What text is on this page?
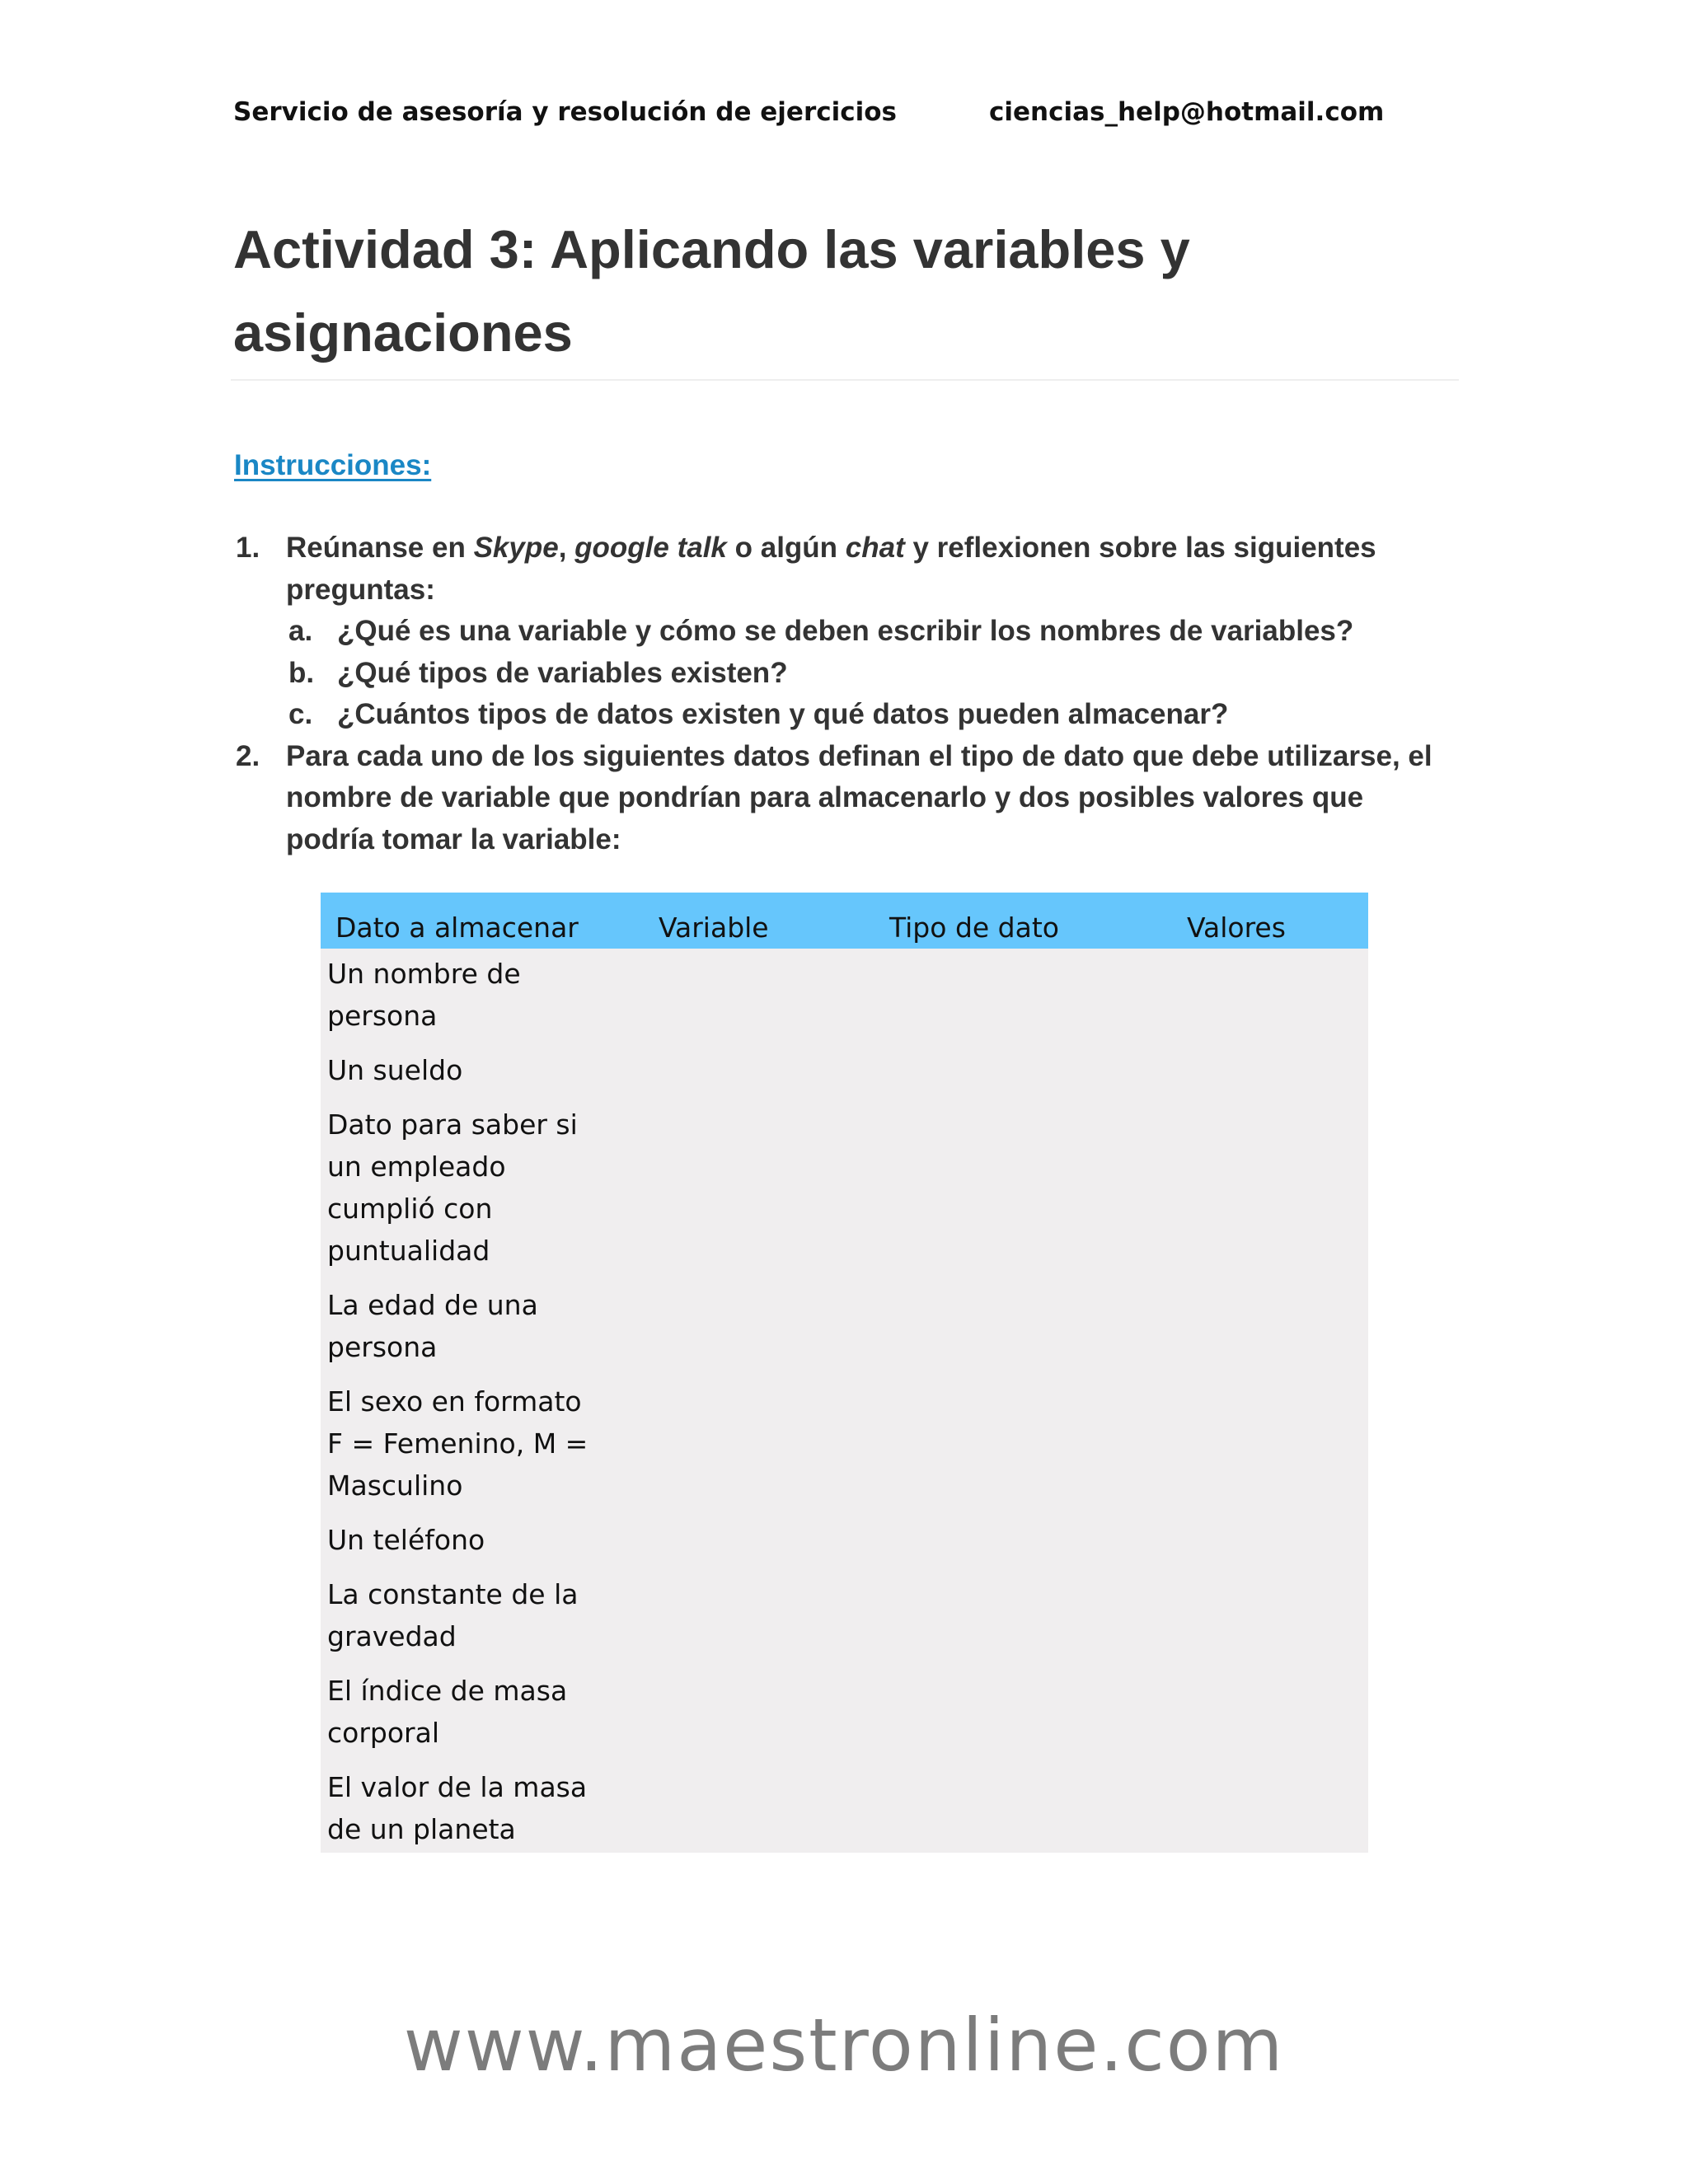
Servicio de asesoría y resolución de ejercicios	ciencias_help@hotmail.com
Actividad 3: Aplicando las variables y asignaciones
Instrucciones:
1. Reúnanse en Skype, google talk o algún chat y reflexionen sobre las siguientes preguntas:
a. ¿Qué es una variable y cómo se deben escribir los nombres de variables?
b. ¿Qué tipos de variables existen?
c. ¿Cuántos tipos de datos existen y qué datos pueden almacenar?
2. Para cada uno de los siguientes datos definan el tipo de dato que debe utilizarse, el nombre de variable que pondrían para almacenarlo y dos posibles valores que podría tomar la variable:
Dato a almacenar	Variable	Tipo de dato	Valores
Un nombre de persona
Un sueldo
Dato para saber si un empleado cumplió con puntualidad
La edad de una persona
El sexo en formato F = Femenino, M = Masculino
Un teléfono
La constante de la gravedad
El índice de masa corporal
El valor de la masa de un planeta
www.maestronline.com
